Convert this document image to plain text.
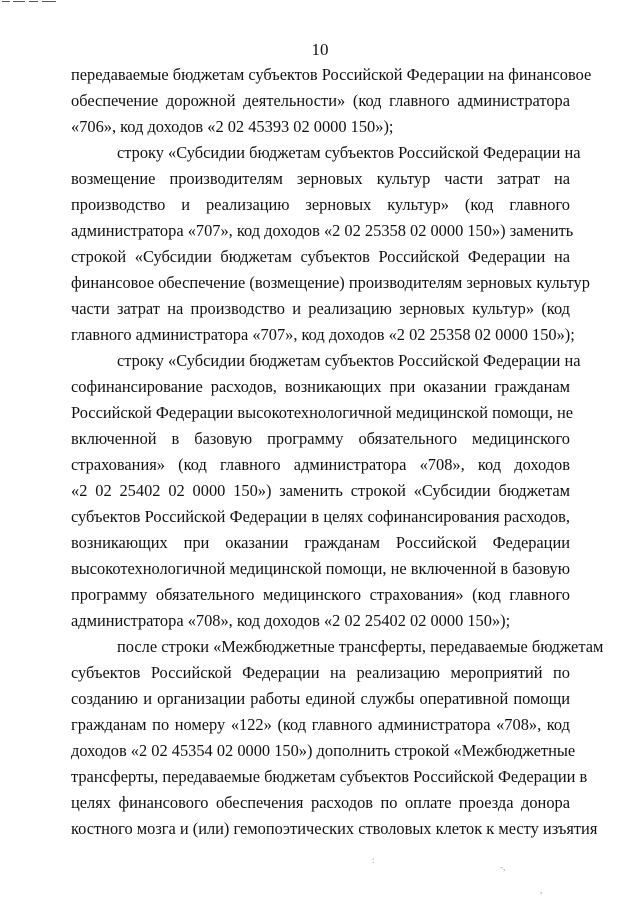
10
передаваемые бюджетам субъектов Российской Федерации на финансовое
обеспечение дорожной деятельности» (код главного администратора
«706», код доходов «2 02 45393 02 0000 150»);
строку «Субсидии бюджетам субъектов Российской Федерации на
возмещение производителям зерновых культур части затрат на
производство и реализацию зерновых культур» (код главного
администратора «707», код доходов «2 02 25358 02 0000 150») заменить
строкой «Субсидии бюджетам субъектов Российской Федерации на
финансовое обеспечение (возмещение) производителям зерновых культур
части затрат на производство и реализацию зерновых культур» (код
главного администратора «707», код доходов «2 02 25358 02 0000 150»);
строку «Субсидии бюджетам субъектов Российской Федерации на
софинансирование расходов, возникающих при оказании гражданам
Российской Федерации высокотехнологичной медицинской помощи, не
включенной в базовую программу обязательного медицинского
страхования» (код главного администратора «708», код доходов
«2 02 25402 02 0000 150») заменить строкой «Субсидии бюджетам
субъектов Российской Федерации в целях софинансирования расходов,
возникающих при оказании гражданам Российской Федерации
высокотехнологичной медицинской помощи, не включенной в базовую
программу обязательного медицинского страхования» (код главного
администратора «708», код доходов «2 02 25402 02 0000 150»);
после строки «Межбюджетные трансферты, передаваемые бюджетам
субъектов Российской Федерации на реализацию мероприятий по
созданию и организации работы единой службы оперативной помощи
гражданам по номеру «122» (код главного администратора «708», код
доходов «2 02 45354 02 0000 150») дополнить строкой «Межбюджетные
трансферты, передаваемые бюджетам субъектов Российской Федерации в
целях финансового обеспечения расходов по оплате проезда донора
костного мозга и (или) гемопоэтических стволовых клеток к месту изъятия
:
-,
,
